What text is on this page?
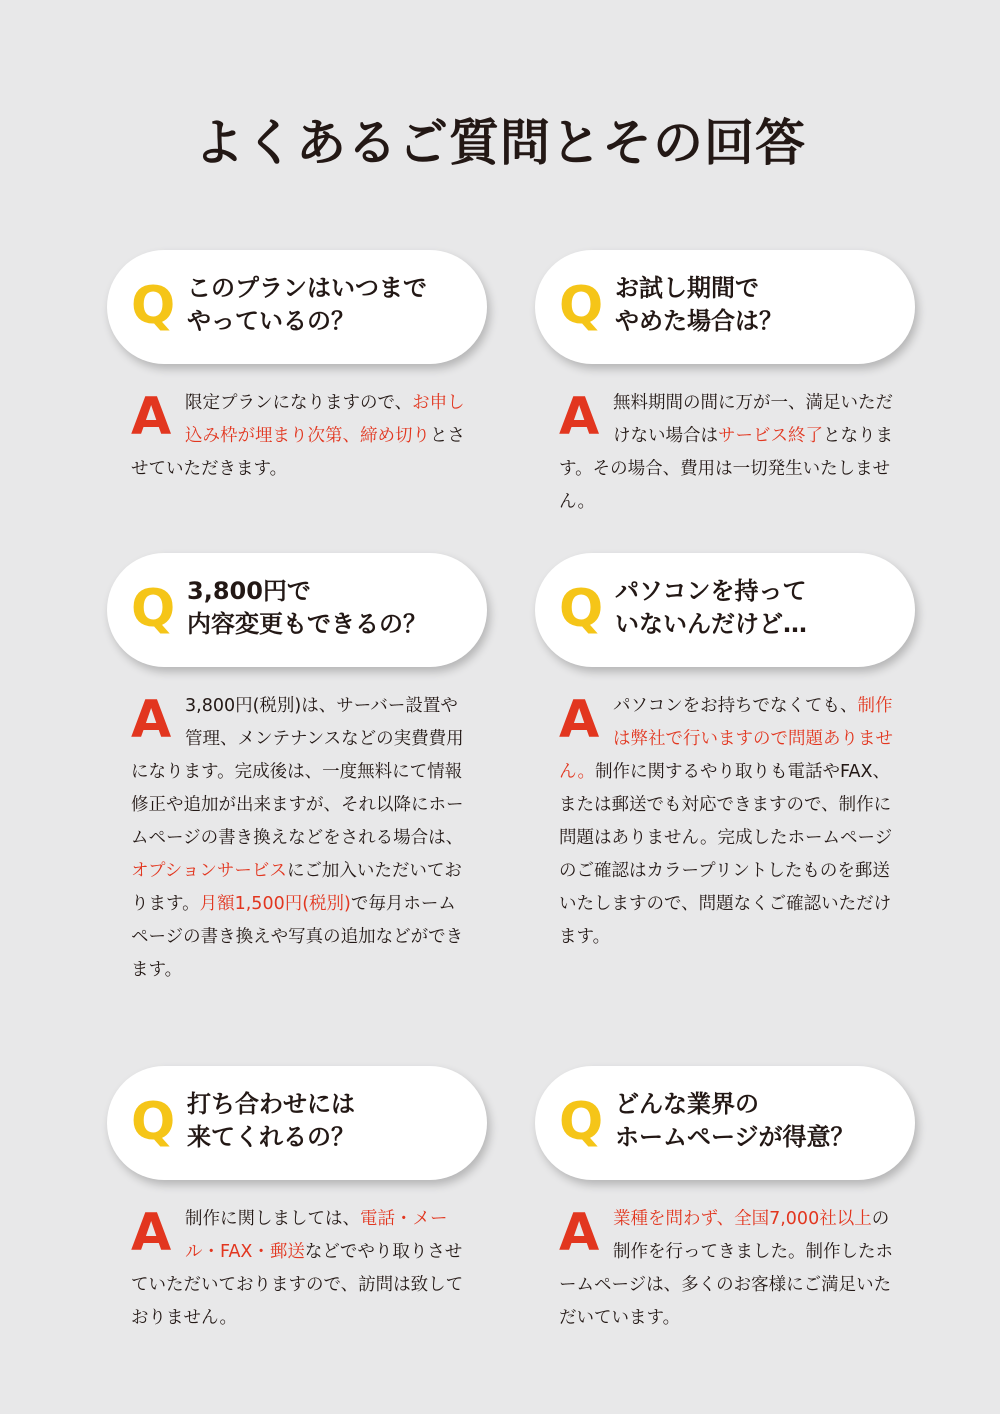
よくあるご質問とその回答
Q このプランはいつまで
やっているの？
A 限定プランになりますので、お申し込み枠が埋まり次第、締め切りとさせていただきます。
Q お試し期間で
やめた場合は？
A 無料期間の間に万が一、満足いただけない場合はサービス終了となります。その場合、費用は一切発生いたしません。
Q 3,800円で
内容変更もできるの？
A 3,800円(税別)は、サーバー設置や管理、メンテナンスなどの実費費用になります。完成後は、一度無料にて情報修正や追加が出来ますが、それ以降にホームページの書き換えなどをされる場合は、オプションサービスにご加入いただいております。月額1,500円(税別)で毎月ホームページの書き換えや写真の追加などができます。
Q パソコンを持って
いないんだけど…
A パソコンをお持ちでなくても、制作は弊社で行いますので問題ありません。制作に関するやり取りも電話やFAX、または郵送でも対応できますので、制作に問題はありません。完成したホームページのご確認はカラープリントしたものを郵送いたしますので、問題なくご確認いただけます。
Q 打ち合わせには
来てくれるの？
A 制作に関しましては、電話・メール・FAX・郵送などでやり取りさせていただいておりますので、訪問は致しておりません。
Q どんな業界の
ホームページが得意？
A 業種を問わず、全国7,000社以上の制作を行ってきました。制作したホームページは、多くのお客様にご満足いただいています。
